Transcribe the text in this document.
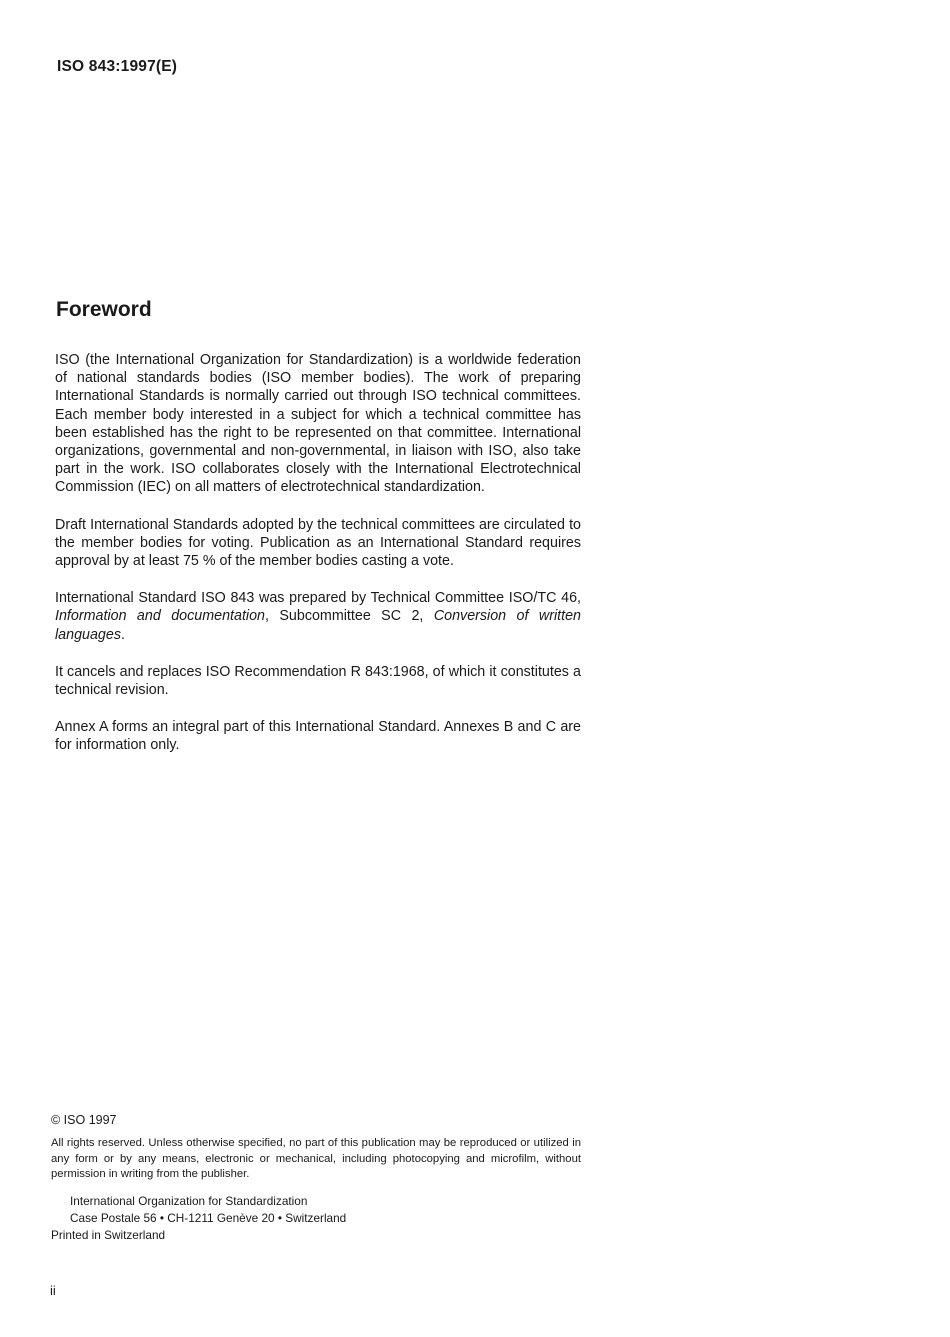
ISO 843:1997(E)
Foreword

ISO (the International Organization for Standardization) is a worldwide federation of national standards bodies (ISO member bodies). The work of preparing International Standards is normally carried out through ISO technical committees. Each member body interested in a subject for which a technical committee has been established has the right to be represented on that committee. International organizations, governmental and non-governmental, in liaison with ISO, also take part in the work. ISO collaborates closely with the International Electrotechnical Commission (IEC) on all matters of electrotechnical standardization.

Draft International Standards adopted by the technical committees are circulated to the member bodies for voting. Publication as an International Standard requires approval by at least 75 % of the member bodies casting a vote.

International Standard ISO 843 was prepared by Technical Committee ISO/TC 46, Information and documentation, Subcommittee SC 2, Conversion of written languages.

It cancels and replaces ISO Recommendation R 843:1968, of which it constitutes a technical revision.

Annex A forms an integral part of this International Standard. Annexes B and C are for information only.

© ISO 1997
All rights reserved. Unless otherwise specified, no part of this publication may be reproduced or utilized in any form or by any means, electronic or mechanical, including photocopying and microfilm, without permission in writing from the publisher.
International Organization for Standardization
Case Postale 56 • CH-1211 Genève 20 • Switzerland
Printed in Switzerland
ii
